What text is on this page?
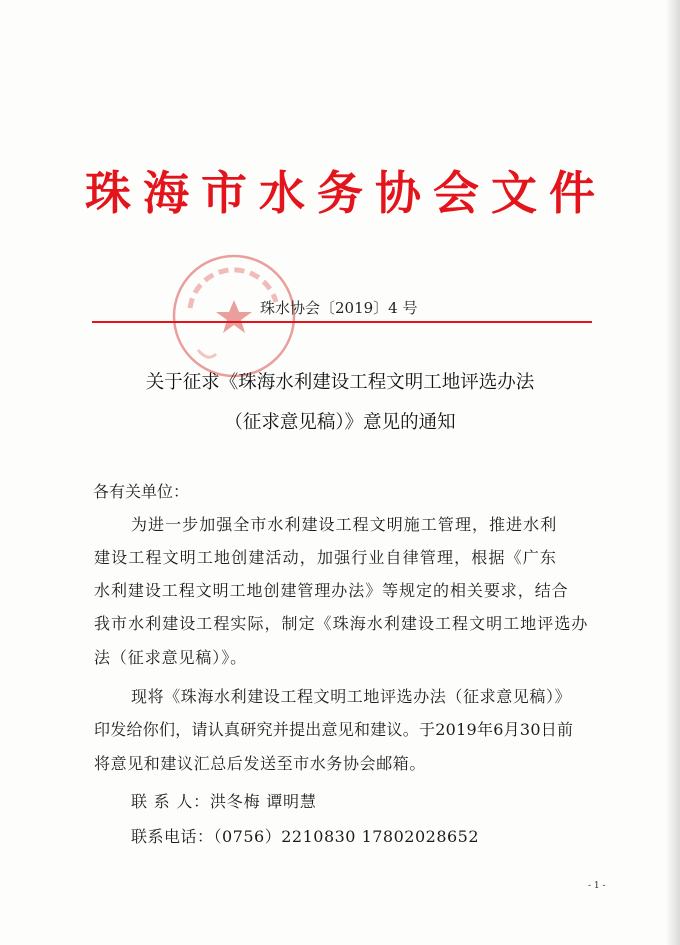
珠海市水务协会文件
珠水协会〔2019〕4 号
关于征求《珠海水利建设工程文明工地评选办法
（征求意见稿）》意见的通知
各有关单位：
为进一步加强全市水利建设工程文明施工管理，推进水利
建设工程文明工地创建活动，加强行业自律管理，根据《广东
水利建设工程文明工地创建管理办法》等规定的相关要求，结合
我市水利建设工程实际，制定《珠海水利建设工程文明工地评选办
法（征求意见稿）》。
现将《珠海水利建设工程文明工地评选办法（征求意见稿）》
印发给你们，请认真研究并提出意见和建议。于2019年6月30日前
将意见和建议汇总后发送至市水务协会邮箱。
联 系 人：洪冬梅 谭明慧
联系电话：（0756）2210830 17802028652
- 1 -
